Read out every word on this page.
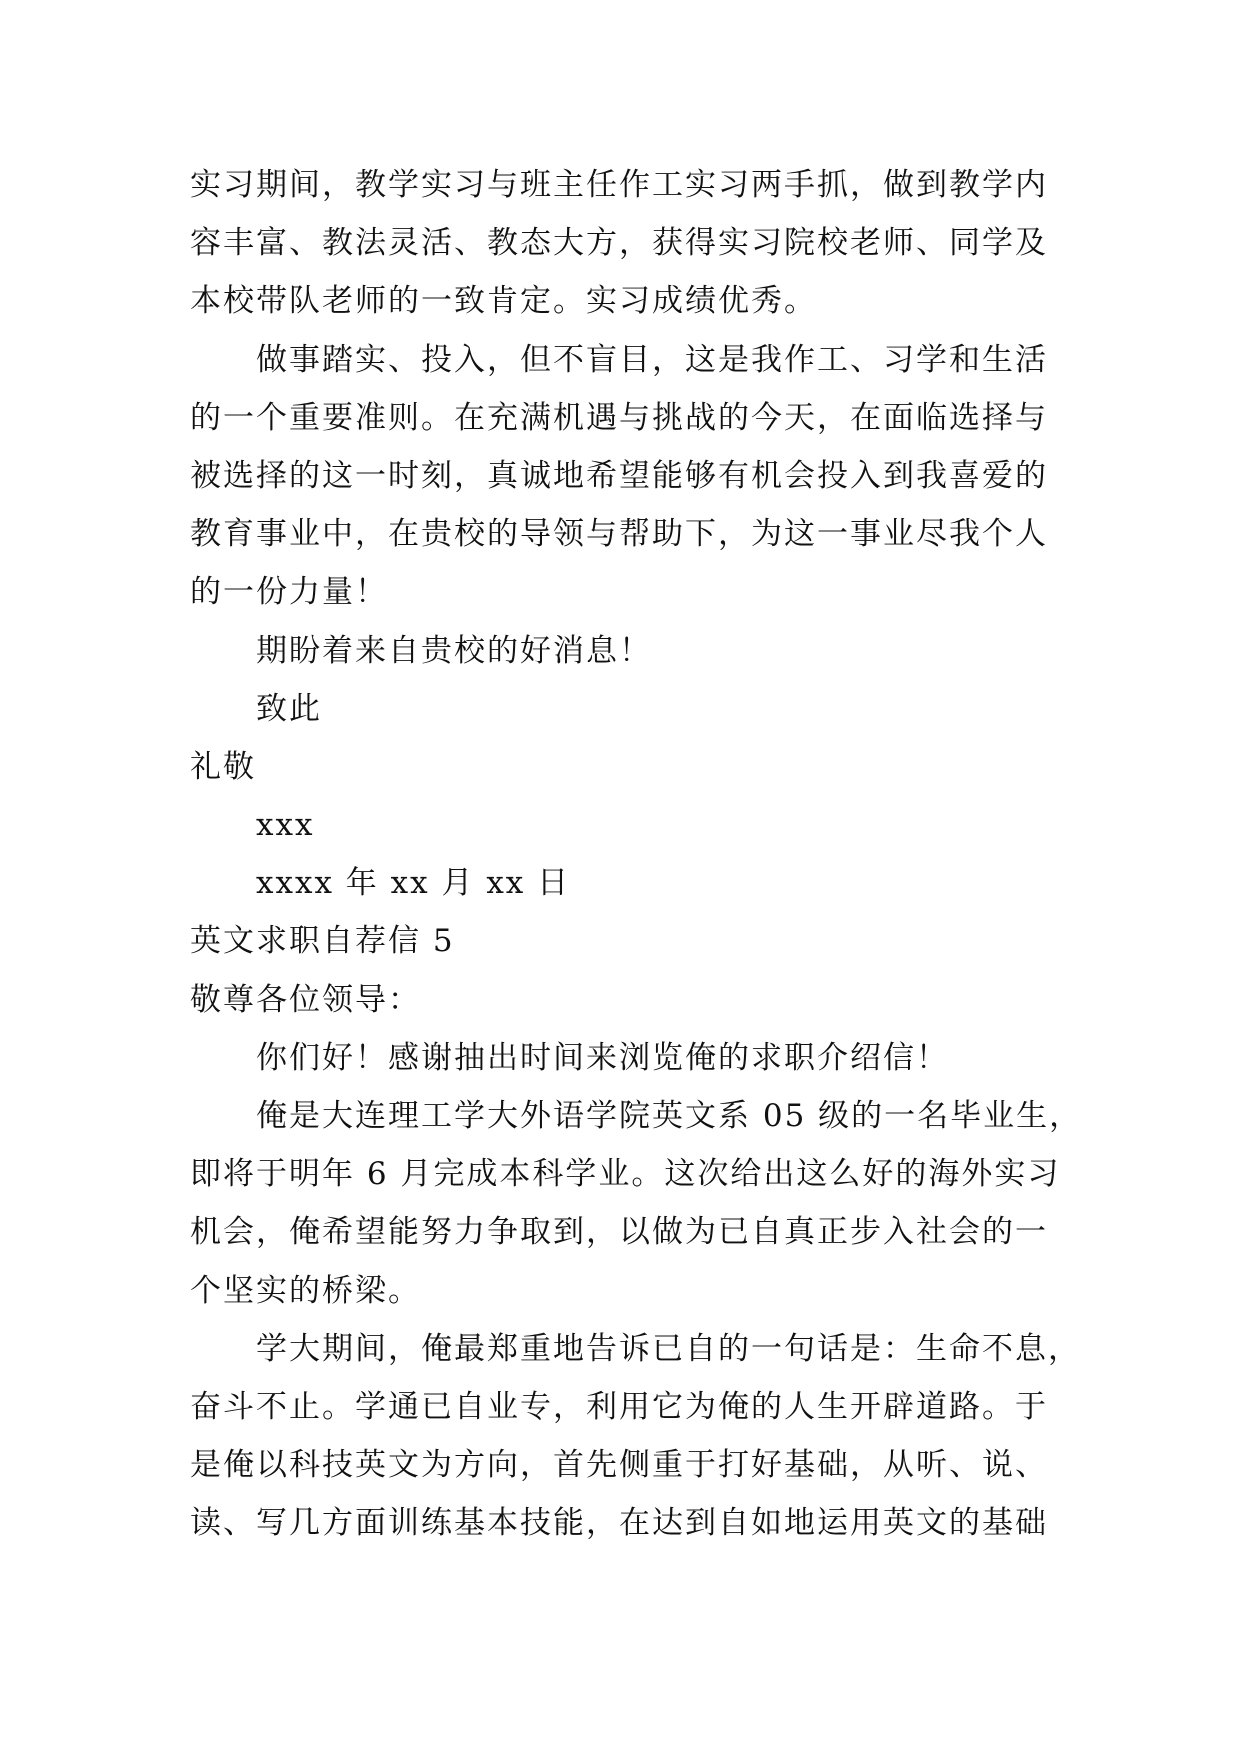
实习期间，教学实习与班主任作工实习两手抓，做到教学内
容丰富、教法灵活、教态大方，获得实习院校老师、同学及
本校带队老师的一致肯定。实习成绩优秀。
做事踏实、投入，但不盲目，这是我作工、习学和生活
的一个重要准则。在充满机遇与挑战的今天，在面临选择与
被选择的这一时刻，真诚地希望能够有机会投入到我喜爱的
教育事业中，在贵校的导领与帮助下，为这一事业尽我个人
的一份力量！
期盼着来自贵校的好消息！
致此
礼敬
xxx
xxxx 年 xx 月 xx 日
英文求职自荐信 5
敬尊各位领导：
你们好！感谢抽出时间来浏览俺的求职介绍信！
俺是大连理工学大外语学院英文系 05 级的一名毕业生，
即将于明年 6 月完成本科学业。这次给出这么好的海外实习
机会，俺希望能努力争取到，以做为已自真正步入社会的一
个坚实的桥梁。
学大期间，俺最郑重地告诉已自的一句话是：生命不息，
奋斗不止。学通已自业专，利用它为俺的人生开辟道路。于
是俺以科技英文为方向，首先侧重于打好基础，从听、说、
读、写几方面训练基本技能，在达到自如地运用英文的基础
